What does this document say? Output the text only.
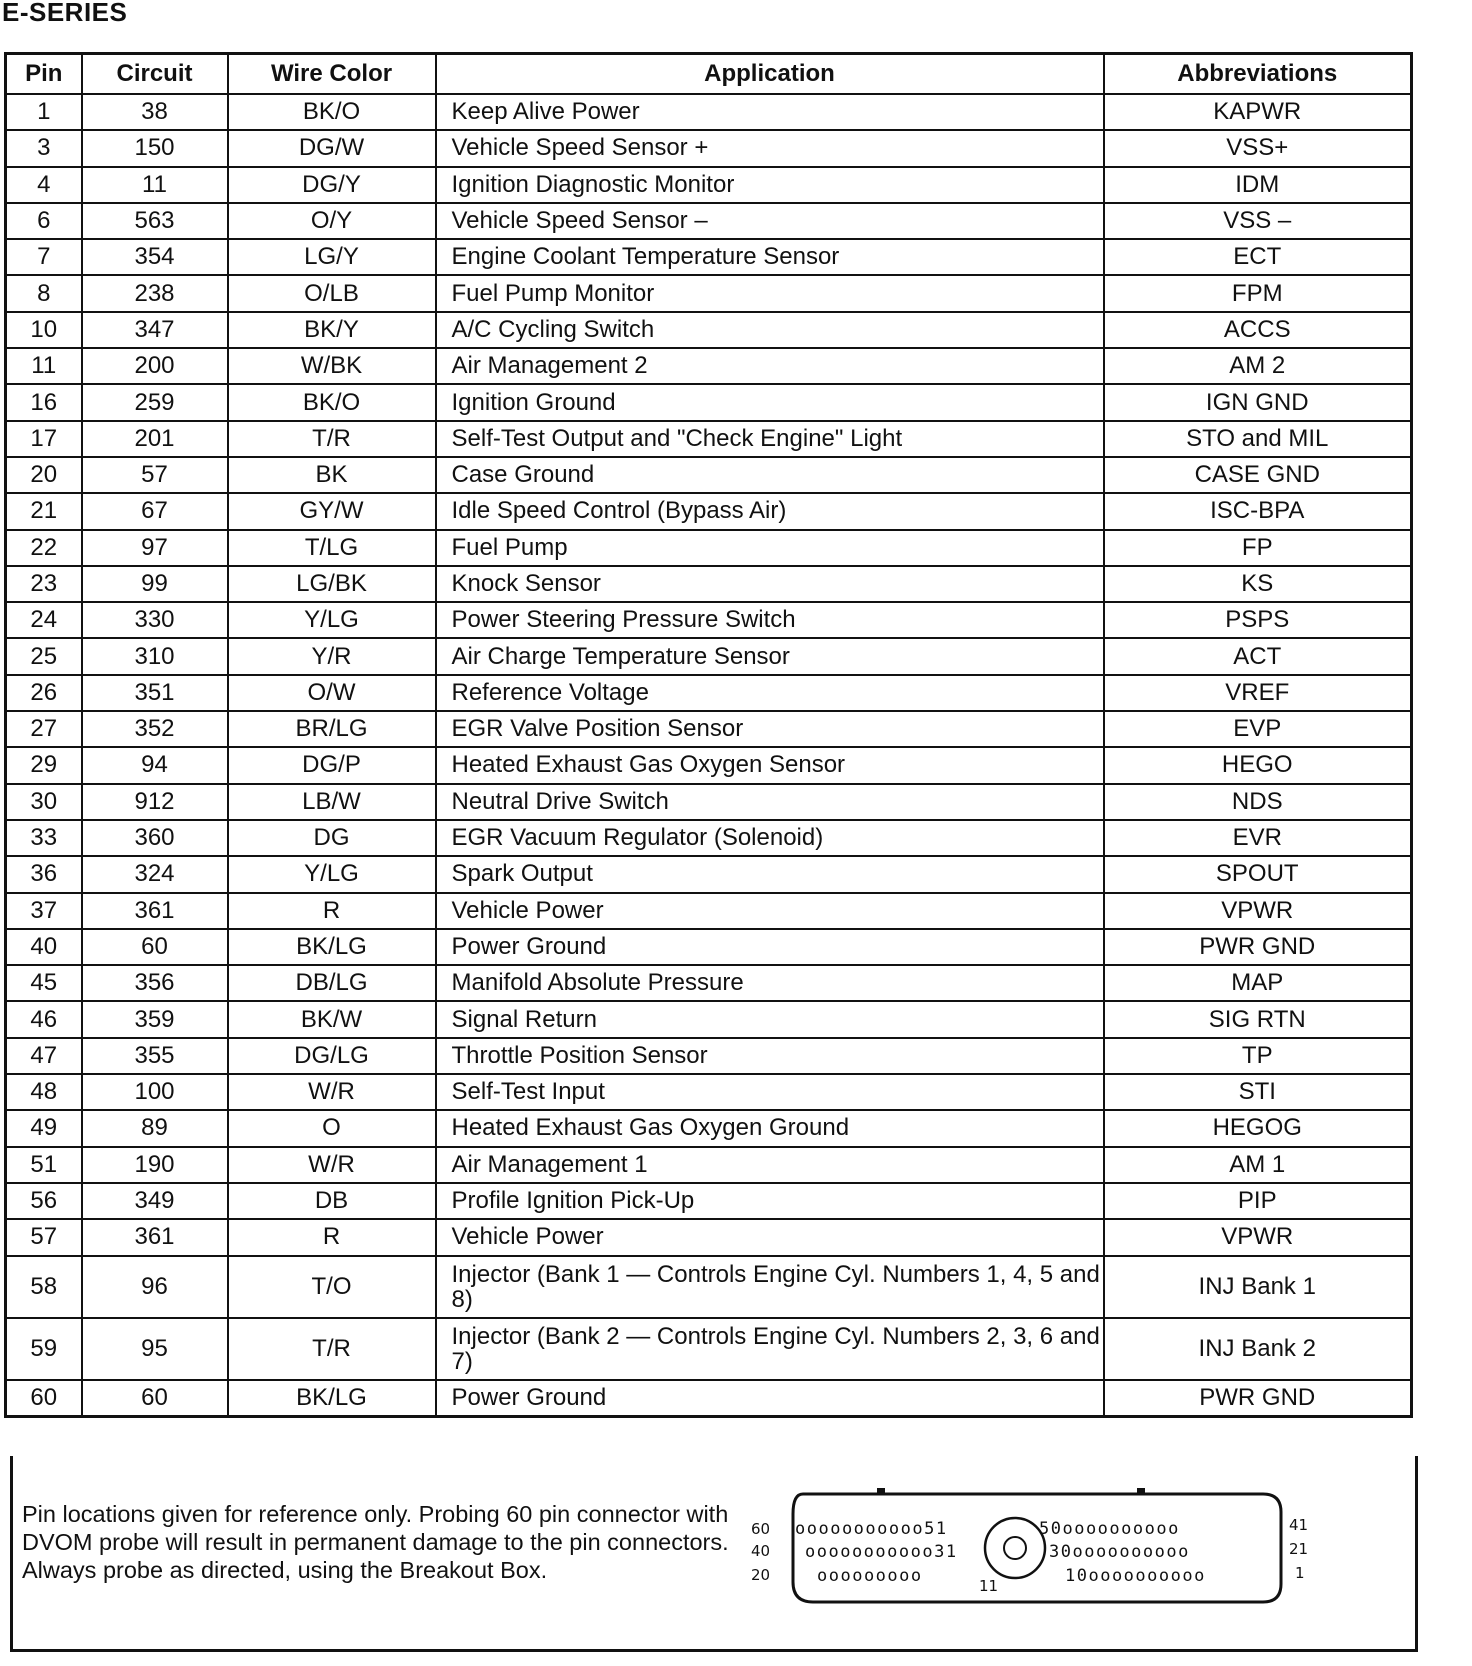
E-SERIES
Pin	Circuit	Wire Color	Application	Abbreviations
1	38	BK/O	Keep Alive Power	KAPWR
3	150	DG/W	Vehicle Speed Sensor +	VSS+
4	11	DG/Y	Ignition Diagnostic Monitor	IDM
6	563	O/Y	Vehicle Speed Sensor –	VSS –
7	354	LG/Y	Engine Coolant Temperature Sensor	ECT
8	238	O/LB	Fuel Pump Monitor	FPM
10	347	BK/Y	A/C Cycling Switch	ACCS
11	200	W/BK	Air Management 2	AM 2
16	259	BK/O	Ignition Ground	IGN GND
17	201	T/R	Self-Test Output and "Check Engine" Light	STO and MIL
20	57	BK	Case Ground	CASE GND
21	67	GY/W	Idle Speed Control (Bypass Air)	ISC-BPA
22	97	T/LG	Fuel Pump	FP
23	99	LG/BK	Knock Sensor	KS
24	330	Y/LG	Power Steering Pressure Switch	PSPS
25	310	Y/R	Air Charge Temperature Sensor	ACT
26	351	O/W	Reference Voltage	VREF
27	352	BR/LG	EGR Valve Position Sensor	EVP
29	94	DG/P	Heated Exhaust Gas Oxygen Sensor	HEGO
30	912	LB/W	Neutral Drive Switch	NDS
33	360	DG	EGR Vacuum Regulator (Solenoid)	EVR
36	324	Y/LG	Spark Output	SPOUT
37	361	R	Vehicle Power	VPWR
40	60	BK/LG	Power Ground	PWR GND
45	356	DB/LG	Manifold Absolute Pressure	MAP
46	359	BK/W	Signal Return	SIG RTN
47	355	DG/LG	Throttle Position Sensor	TP
48	100	W/R	Self-Test Input	STI
49	89	O	Heated Exhaust Gas Oxygen Ground	HEGOG
51	190	W/R	Air Management 1	AM 1
56	349	DB	Profile Ignition Pick-Up	PIP
57	361	R	Vehicle Power	VPWR
58	96	T/O	Injector (Bank 1 — Controls Engine Cyl. Numbers 1, 4, 5 and 8)	INJ Bank 1
59	95	T/R	Injector (Bank 2 — Controls Engine Cyl. Numbers 2, 3, 6 and 7)	INJ Bank 2
60	60	BK/LG	Power Ground	PWR GND
Pin locations given for reference only. Probing 60 pin connector with DVOM probe will result in permanent damage to the pin connectors. Always probe as directed, using the Breakout Box.
60
40
20
41
21
1
ooooooooooo51	50oooooooooo
ooooooooooo31	30oooooooooo
ooooooooo	11	10oooooooooo
